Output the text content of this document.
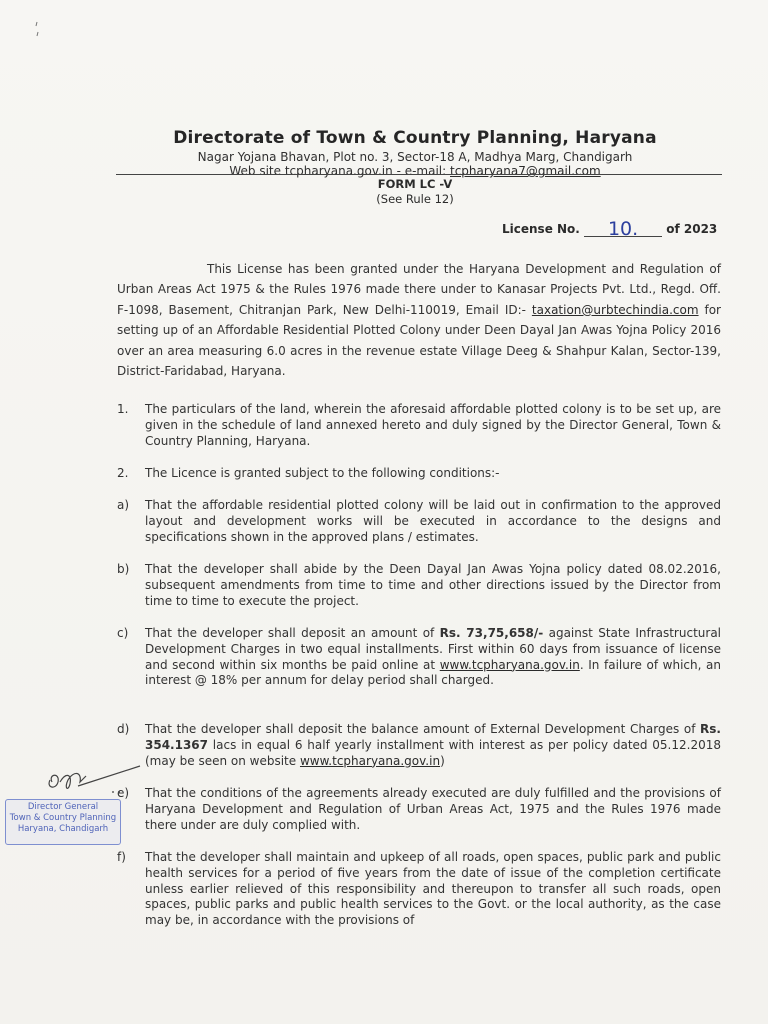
Directorate of Town & Country Planning, Haryana
Nagar Yojana Bhavan, Plot no. 3, Sector-18 A, Madhya Marg, Chandigarh
Web site tcpharyana.gov.in - e-mail: tcpharyana7@gmail.com
FORM LC -V
(See Rule 12)
License No. 10. of 2023
This License has been granted under the Haryana Development and Regulation of Urban Areas Act 1975 & the Rules 1976 made there under to Kanasar Projects Pvt. Ltd., Regd. Off. F-1098, Basement, Chitranjan Park, New Delhi-110019, Email ID:- taxation@urbtechindia.com for setting up of an Affordable Residential Plotted Colony under Deen Dayal Jan Awas Yojna Policy 2016 over an area measuring 6.0 acres in the revenue estate Village Deeg & Shahpur Kalan, Sector-139, District-Faridabad, Haryana.
1.	The particulars of the land, wherein the aforesaid affordable plotted colony is to be set up, are given in the schedule of land annexed hereto and duly signed by the Director General, Town & Country Planning, Haryana.
2.	The Licence is granted subject to the following conditions:-
a)	That the affordable residential plotted colony will be laid out in confirmation to the approved layout and development works will be executed in accordance to the designs and specifications shown in the approved plans / estimates.
b)	That the developer shall abide by the Deen Dayal Jan Awas Yojna policy dated 08.02.2016, subsequent amendments from time to time and other directions issued by the Director from time to time to execute the project.
c)	That the developer shall deposit an amount of Rs. 73,75,658/- against State Infrastructural Development Charges in two equal installments. First within 60 days from issuance of license and second within six months be paid online at www.tcpharyana.gov.in. In failure of which, an interest @ 18% per annum for delay period shall charged.
d)	That the developer shall deposit the balance amount of External Development Charges of Rs. 354.1367 lacs in equal 6 half yearly installment with interest as per policy dated 05.12.2018 (may be seen on website www.tcpharyana.gov.in)
e)	That the conditions of the agreements already executed are duly fulfilled and the provisions of Haryana Development and Regulation of Urban Areas Act, 1975 and the Rules 1976 made there under are duly complied with.
f)	That the developer shall maintain and upkeep of all roads, open spaces, public park and public health services for a period of five years from the date of issue of the completion certificate unless earlier relieved of this responsibility and thereupon to transfer all such roads, open spaces, public parks and public health services to the Govt. or the local authority, as the case may be, in accordance with the provisions of
Director General
Town & Country Planning
Haryana, Chandigarh
